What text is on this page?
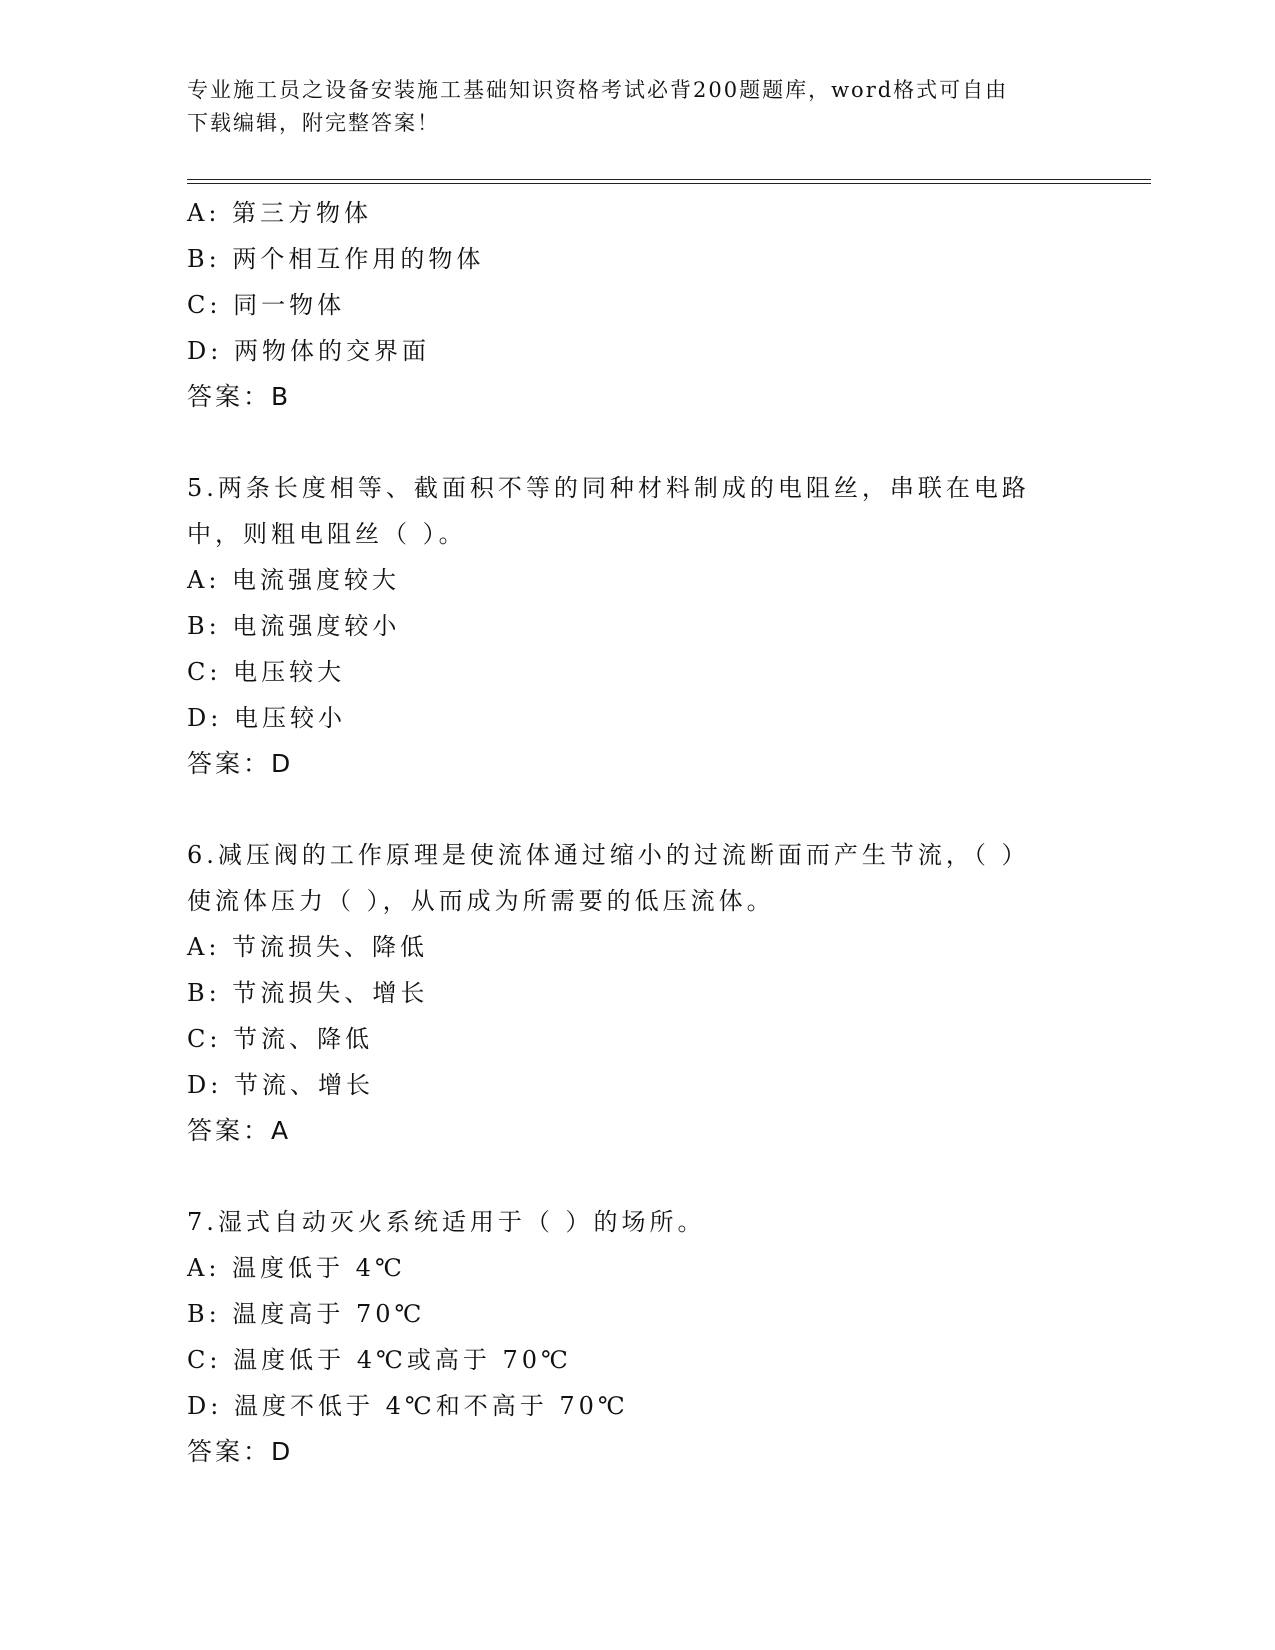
专业施工员之设备安装施工基础知识资格考试必背200题题库，word格式可自由
下载编辑，附完整答案！
A: 第三方物体
B: 两个相互作用的物体
C: 同一物体
D: 两物体的交界面
答案：B
5.两条长度相等、截面积不等的同种材料制成的电阻丝，串联在电路
中，则粗电阻丝（ ）。
A: 电流强度较大
B: 电流强度较小
C: 电压较大
D: 电压较小
答案：D
6.减压阀的工作原理是使流体通过缩小的过流断面而产生节流，（ ）
使流体压力（ ），从而成为所需要的低压流体。
A: 节流损失、降低
B: 节流损失、增长
C: 节流、降低
D: 节流、增长
答案：A
7.湿式自动灭火系统适用于（ ）的场所。
A: 温度低于 4℃
B: 温度高于 70℃
C: 温度低于 4℃或高于 70℃
D: 温度不低于 4℃和不高于 70℃
答案：D
